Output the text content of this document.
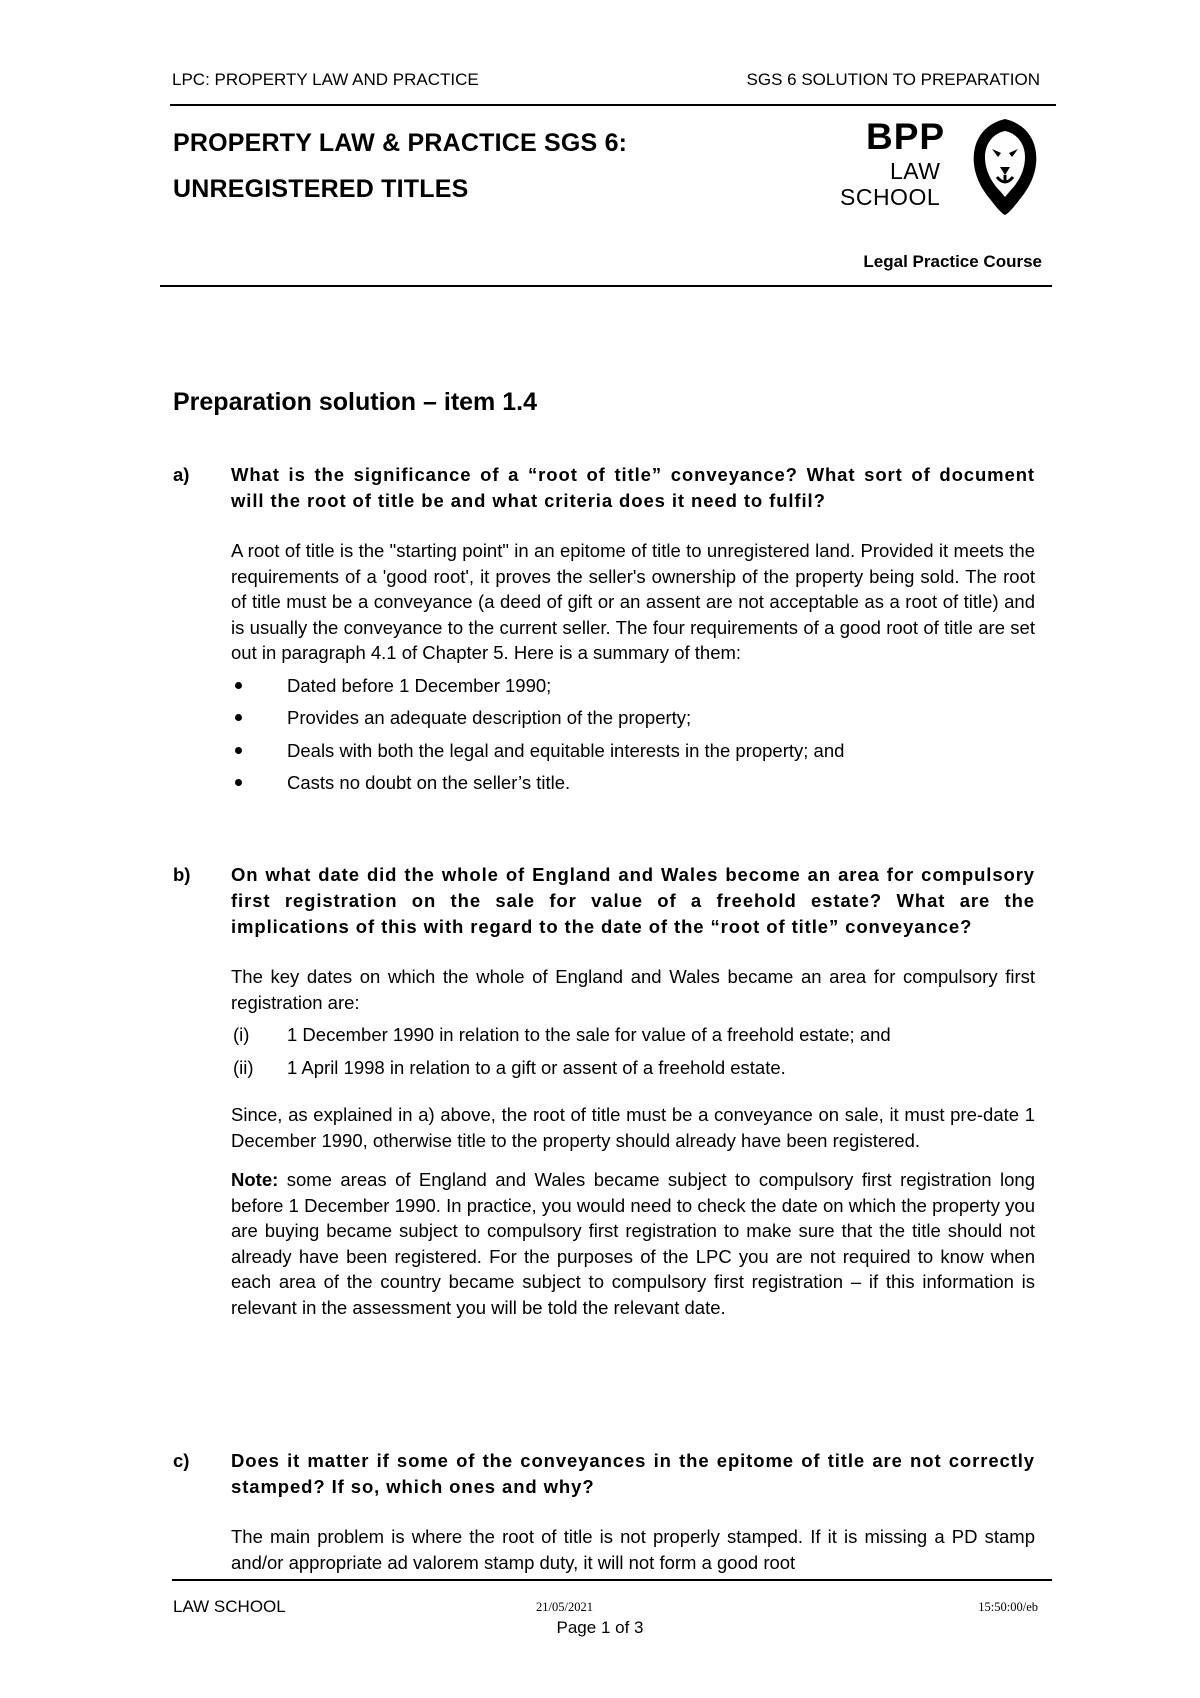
LPC: PROPERTY LAW AND PRACTICE	SGS 6 SOLUTION TO PREPARATION
PROPERTY LAW & PRACTICE SGS 6:
UNREGISTERED TITLES
BPP
LAW
SCHOOL
Legal Practice Course
Preparation solution – item 1.4
a) What is the significance of a “root of title” conveyance? What sort of document will the root of title be and what criteria does it need to fulfil?
A root of title is the "starting point" in an epitome of title to unregistered land. Provided it meets the requirements of a 'good root', it proves the seller's ownership of the property being sold. The root of title must be a conveyance (a deed of gift or an assent are not acceptable as a root of title) and is usually the conveyance to the current seller. The four requirements of a good root of title are set out in paragraph 4.1 of Chapter 5. Here is a summary of them:
Dated before 1 December 1990;
Provides an adequate description of the property;
Deals with both the legal and equitable interests in the property; and
Casts no doubt on the seller’s title.
b) On what date did the whole of England and Wales become an area for compulsory first registration on the sale for value of a freehold estate? What are the implications of this with regard to the date of the “root of title” conveyance?
The key dates on which the whole of England and Wales became an area for compulsory first registration are:
(i) 1 December 1990 in relation to the sale for value of a freehold estate; and
(ii) 1 April 1998 in relation to a gift or assent of a freehold estate.
Since, as explained in a) above, the root of title must be a conveyance on sale, it must pre-date 1 December 1990, otherwise title to the property should already have been registered.
Note: some areas of England and Wales became subject to compulsory first registration long before 1 December 1990. In practice, you would need to check the date on which the property you are buying became subject to compulsory first registration to make sure that the title should not already have been registered. For the purposes of the LPC you are not required to know when each area of the country became subject to compulsory first registration – if this information is relevant in the assessment you will be told the relevant date.
c) Does it matter if some of the conveyances in the epitome of title are not correctly stamped? If so, which ones and why?
The main problem is where the root of title is not properly stamped. If it is missing a PD stamp and/or appropriate ad valorem stamp duty, it will not form a good root
LAW SCHOOL	21/05/2021	15:50:00/eb
Page 1 of 3
